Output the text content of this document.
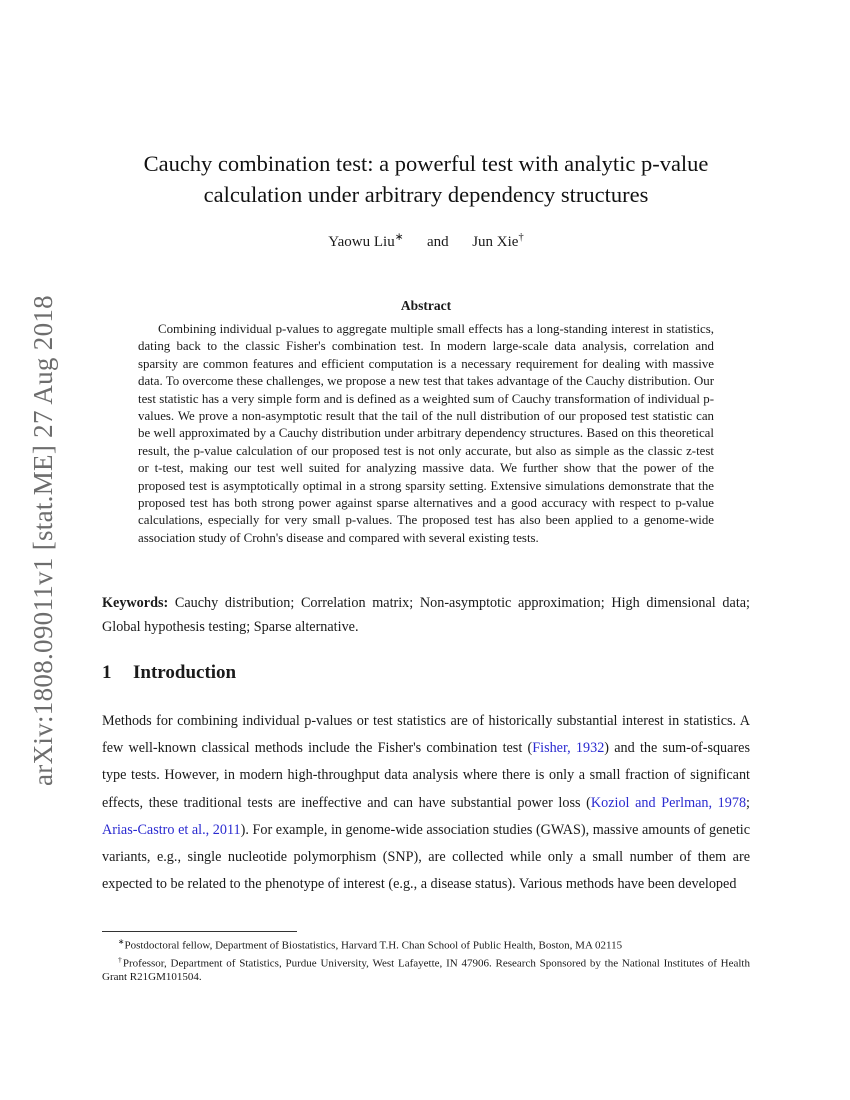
arXiv:1808.09011v1 [stat.ME] 27 Aug 2018
Cauchy combination test: a powerful test with analytic p-value
calculation under arbitrary dependency structures
Yaowu Liu∗ and Jun Xie†
Abstract

Combining individual p-values to aggregate multiple small effects has a long-standing interest in statistics, dating back to the classic Fisher's combination test. In modern large-scale data analysis, correlation and sparsity are common features and efficient computation is a necessary requirement for dealing with massive data. To overcome these challenges, we propose a new test that takes advantage of the Cauchy distribution. Our test statistic has a very simple form and is defined as a weighted sum of Cauchy transformation of individual p-values. We prove a non-asymptotic result that the tail of the null distribution of our proposed test statistic can be well approximated by a Cauchy distribution under arbitrary dependency structures. Based on this theoretical result, the p-value calculation of our proposed test is not only accurate, but also as simple as the classic z-test or t-test, making our test well suited for analyzing massive data. We further show that the power of the proposed test is asymptotically optimal in a strong sparsity setting. Extensive simulations demonstrate that the proposed test has both strong power against sparse alternatives and a good accuracy with respect to p-value calculations, especially for very small p-values. The proposed test has also been applied to a genome-wide association study of Crohn's disease and compared with several existing tests.

Keywords: Cauchy distribution; Correlation matrix; Non-asymptotic approximation; High dimensional data; Global hypothesis testing; Sparse alternative.

1 Introduction

Methods for combining individual p-values or test statistics are of historically substantial interest in statistics. A few well-known classical methods include the Fisher's combination test (Fisher, 1932) and the sum-of-squares type tests. However, in modern high-throughput data analysis where there is only a small fraction of significant effects, these traditional tests are ineffective and can have substantial power loss (Koziol and Perlman, 1978; Arias-Castro et al., 2011). For example, in genome-wide association studies (GWAS), massive amounts of genetic variants, e.g., single nucleotide polymorphism (SNP), are collected while only a small number of them are expected to be related to the phenotype of interest (e.g., a disease status). Various methods have been developed

∗Postdoctoral fellow, Department of Biostatistics, Harvard T.H. Chan School of Public Health, Boston, MA 02115

†Professor, Department of Statistics, Purdue University, West Lafayette, IN 47906. Research Sponsored by the National Institutes of Health Grant R21GM101504.
